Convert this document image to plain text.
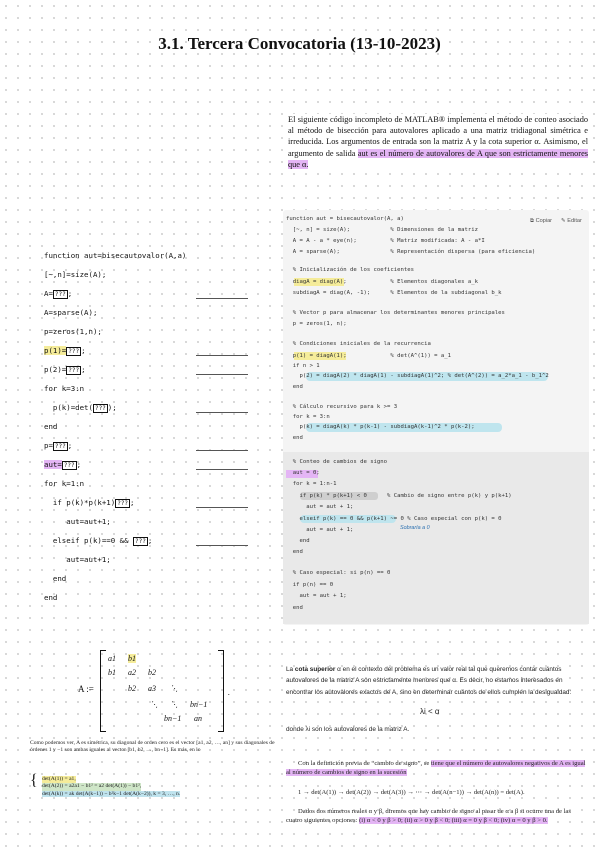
3.1. Tercera Convocatoria (13-10-2023)
El siguiente código incompleto de MATLAB® implementa el método de conteo asociado al método de bisección para autovalores aplicado a una matriz tridiagonal simétrica e irreducida. Los argumentos de entrada son la matriz A y la cota superior α. Asimismo, el argumento de salida aut es el número de autovalores de A que son estrictamente menores que α.
function aut=bisecautovalor(A,a)
[~,n]=size(A);
A= ??? ;
A=sparse(A);
p=zeros(1,n);
p(1)= ??? ;
p(2)= ??? ;
for k=3:n
p(k)=det( ??? );
end
p= ??? ;
aut= ??? ;
for k=1:n
if p(k)*p(k+1) ??? ;
aut=aut+1;
elseif p(k)==0 && ??? ;
aut=aut+1;
end
end
⧉ Copiar ✎ Editar
function aut = bisecautovalor(A, a)
[~, n] = size(A);            % Dimensiones de la matriz
A = A - a * eye(n);          % Matriz modificada: A - a*I
A = sparse(A);               % Representación dispersa (para eficiencia)
% Inicialización de los coeficientes
diagA = diag(A);             % Elementos diagonales a_k
subdiagA = diag(A, -1);      % Elementos de la subdiagonal b_k
% Vector p para almacenar los determinantes menores principales
p = zeros(1, n);
% Condiciones iniciales de la recurrencia
p(1) = diagA(1);             % det(A^(1)) = a_1
if n > 1
p(2) = diagA(2) * diagA(1) - subdiagA(1)^2; % det(A^(2)) = a_2*a_1 - b_1^2
end
% Cálculo recursivo para k >= 3
for k = 3:n
p(k) = diagA(k) * p(k-1) - subdiagA(k-1)^2 * p(k-2);
end
% Conteo de cambios de signo
aut = 0;
for k = 1:n-1
if p(k) * p(k+1) < 0      % Cambio de signo entre p(k) y p(k+1)
aut = aut + 1;
elseif p(k) == 0 && p(k+1) ~= 0 % Caso especial con p(k) = 0
aut = aut + 1;
end
end
% Caso especial: si p(n) == 0
if p(n) == 0
aut = aut + 1;
end
Sobraría a 0
A :=	.
a1 b1
b1 a2 b2
b2 a3 ⋱
⋱ ⋱ bn−1
bn−1 an
Como podemos ver, A es simétrica, su diagonal de orden cero es el vector [a1, a2, …, an] y sus diagonales de órdenes 1 y −1 son ambas iguales al vector [b1, b2, …, bn−1]. Es más, en lo
{ det(A(1)) = a1,
det(A(2)) = a2a1 − b1² = a2 det(A(1)) − b1²,
det(A(k)) = ak det(A(k−1)) − b²k−1 det(A(k−2)), k = 3, …, n.
La cota superior α en el contexto del problema es un valor real tal que queremos contar cuántos autovalores de la matriz A son estrictamente menores que α. Es decir, no estamos interesados en encontrar los autovalores exactos de A, sino en determinar cuántos de ellos cumplen la desigualdad:
λi < α
donde λi son los autovalores de la matriz A.
Con la definición previa de “cambio de signo”, se tiene que el número de autovalores negativos de A es igual al número de cambios de signo en la sucesión
1 → det(A(1)) → det(A(2)) → det(A(3)) → ⋯ → det(A(n−1)) → det(A(n)) = det(A).
Dados dos números reales α y β, diremos que hay cambio de signo al pasar de α a β si ocurre una de las cuatro siguientes opciones: (i) α < 0 y β > 0; (ii) α > 0 y β < 0; (iii) α = 0 y β < 0; (iv) α = 0 y β > 0.
